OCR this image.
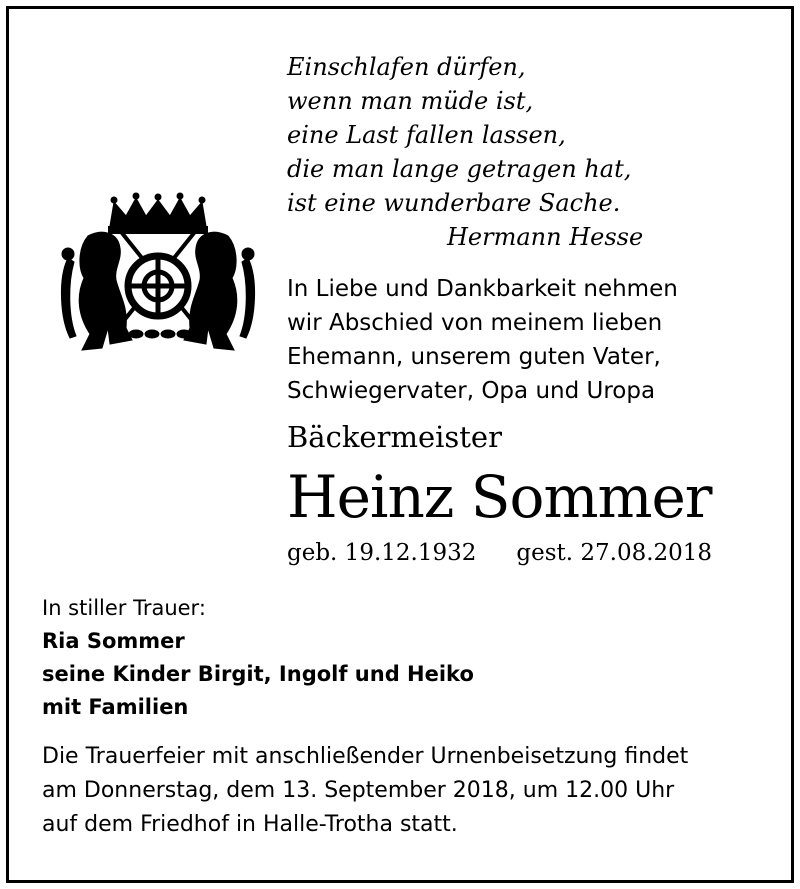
Einschlafen dürfen,
wenn man müde ist,
eine Last fallen lassen,
die man lange getragen hat,
ist eine wunderbare Sache.
Hermann Hesse
In Liebe und Dankbarkeit nehmen
wir Abschied von meinem lieben
Ehemann, unserem guten Vater,
Schwiegervater, Opa und Uropa
Bäckermeister
Heinz Sommer
geb. 19.12.1932 gest. 27.08.2018
In stiller Trauer:
Ria Sommer
seine Kinder Birgit, Ingolf und Heiko
mit Familien
Die Trauerfeier mit anschließender Urnenbeisetzung findet
am Donnerstag, dem 13. September 2018, um 12.00 Uhr
auf dem Friedhof in Halle-Trotha statt.
